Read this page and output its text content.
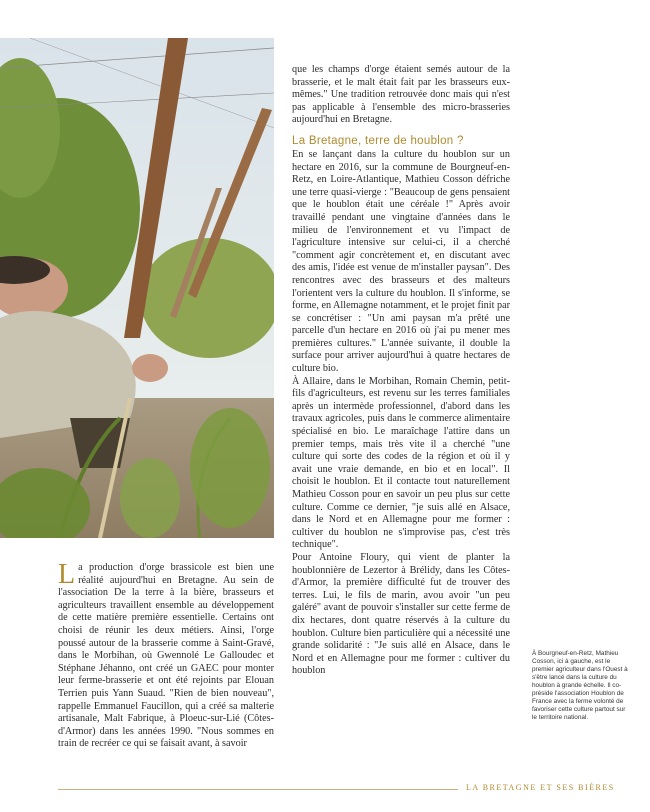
que les champs d'orge étaient semés autour de la brasserie, et le malt était fait par les brasseurs eux-mêmes." Une tradition retrouvée donc mais qui n'est pas applicable à l'ensemble des micro-brasseries aujourd'hui en Bretagne.

La Bretagne, terre de houblon ?

En se lançant dans la culture du houblon sur un hectare en 2016, sur la commune de Bourgneuf-en-Retz, en Loire-Atlantique, Mathieu Cosson défriche une terre quasi-vierge : "Beaucoup de gens pensaient que le houblon était une céréale !" Après avoir travaillé pendant une vingtaine d'années dans le milieu de l'environnement et vu l'impact de l'agriculture intensive sur celui-ci, il a cherché "comment agir concrètement et, en discutant avec des amis, l'idée est venue de m'installer paysan". Des rencontres avec des brasseurs et des malteurs l'orientent vers la culture du houblon. Il s'informe, se forme, en Allemagne notamment, et le projet finit par se concrétiser : "Un ami paysan m'a prêté une parcelle d'un hectare en 2016 où j'ai pu mener mes premières cultures." L'année suivante, il double la surface pour arriver aujourd'hui à quatre hectares de culture bio.

À Allaire, dans le Morbihan, Romain Chemin, petit-fils d'agriculteurs, est revenu sur les terres familiales après un intermède professionnel, d'abord dans les travaux agricoles, puis dans le commerce alimentaire spécialisé en bio. Le maraîchage l'attire dans un premier temps, mais très vite il a cherché "une culture qui sorte des codes de la région et où il y avait une vraie demande, en bio et en local". Il choisit le houblon. Et il contacte tout naturellement Mathieu Cosson pour en savoir un peu plus sur cette culture. Comme ce dernier, "je suis allé en Alsace, dans le Nord et en Allemagne pour me former : cultiver du houblon ne s'improvise pas, c'est très technique".

Pour Antoine Floury, qui vient de planter la houblonnière de Lezertor à Brélidy, dans les Côtes-d'Armor, la première difficulté fut de trouver des terres. Lui, le fils de marin, avou avoir "un peu galéré" avant de pouvoir s'installer sur cette ferme de dix hectares, dont quatre réservés à la culture du houblon. Culture bien particulière qui a nécessité une grande solidarité : "Je suis allé en Alsace, dans le Nord et en Allemagne pour me former : cultiver du houblon

La production d'orge brassicole est bien une réalité aujourd'hui en Bretagne. Au sein de l'association De la terre à la bière, brasseurs et agriculteurs travaillent ensemble au développement de cette matière première essentielle. Certains ont choisi de réunir les deux métiers. Ainsi, l'orge poussé autour de la brasserie comme à Saint-Gravé, dans le Morbihan, où Gwennolé Le Galloudec et Stéphane Jéhanno, ont créé un GAEC pour monter leur ferme-brasserie et ont été rejoints par Elouan Terrien puis Yann Suaud. "Rien de bien nouveau", rappelle Emmanuel Faucillon, qui a créé sa malterie artisanale, Malt Fabrique, à Ploeuc-sur-Lié (Côtes-d'Armor) dans les années 1990. "Nous sommes en train de recréer ce qui se faisait avant, à savoir

À Bourgneuf-en-Retz, Mathieu Cosson, ici à gauche, est le premier agriculteur dans l'Ouest à s'être lancé dans la culture du houblon à grande échelle. Il co-préside l'association Houblon de France avec la ferme volonté de favoriser cette culture partout sur le territoire national.
LA BRETAGNE ET SES BIÈRES
